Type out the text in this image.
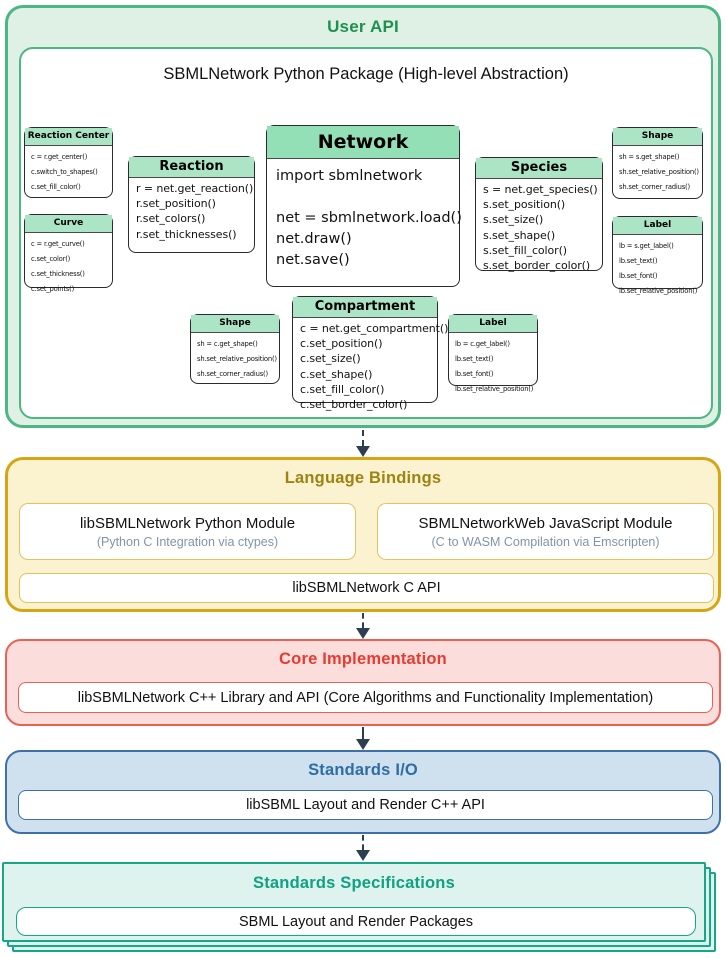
User API
SBMLNetwork Python Package (High-level Abstraction)
Reaction Center
c = r.get_center()
c.switch_to_shapes()
c.set_fill_color()
Curve
c = r.get_curve()
c.set_color()
c.set_thickness()
c.set_points()
Reaction
r = net.get_reaction()
r.set_position()
r.set_colors()
r.set_thicknesses()
Network
import sbmlnetwork

net = sbmlnetwork.load()
net.draw()
net.save()
Species
s = net.get_species()
s.set_position()
s.set_size()
s.set_shape()
s.set_fill_color()
s.set_border_color()
Shape
sh = s.get_shape()
sh.set_relative_position()
sh.set_corner_radius()
Label
lb = s.get_label()
lb.set_text()
lb.set_font()
lb.set_relative_position()
Compartment
c = net.get_compartment()
c.set_position()
c.set_size()
c.set_shape()
c.set_fill_color()
c.set_border_color()
Shape
sh = c.get_shape()
sh.set_relative_position()
sh.set_corner_radius()
Label
lb = c.get_label()
lb.set_text()
lb.set_font()
lb.set_relative_position()
Language Bindings
libSBMLNetwork Python Module
(Python C Integration via ctypes)
SBMLNetworkWeb JavaScript Module
(C to WASM Compilation via Emscripten)
libSBMLNetwork C API
Core Implementation
libSBMLNetwork C++ Library and API (Core Algorithms and Functionality Implementation)
Standards I/O
libSBML Layout and Render C++ API
Standards Specifications
SBML Layout and Render Packages
